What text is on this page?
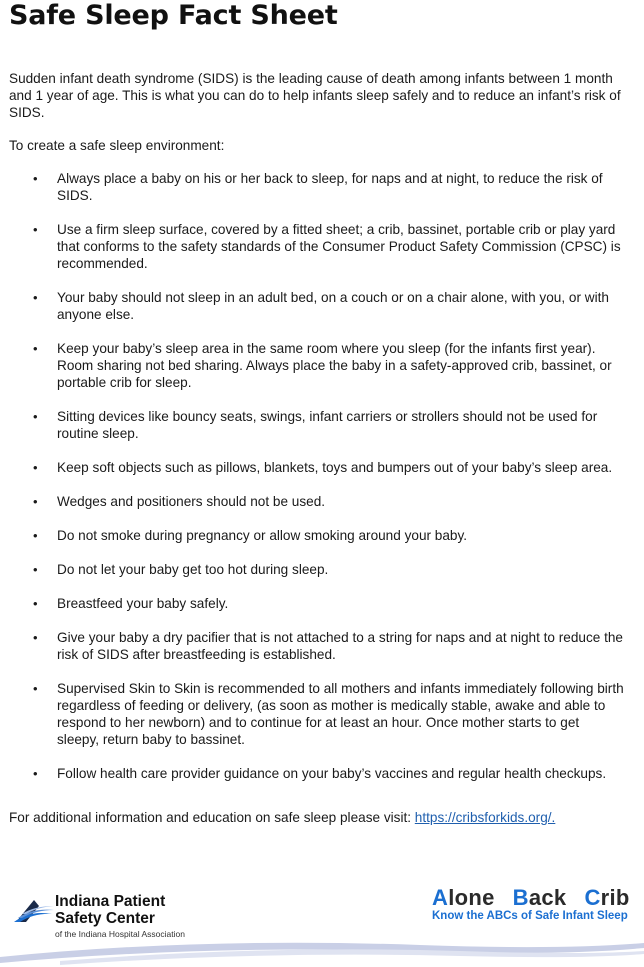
Safe Sleep Fact Sheet

Sudden infant death syndrome (SIDS) is the leading cause of death among infants between 1 month and 1 year of age. This is what you can do to help infants sleep safely and to reduce an infant’s risk of SIDS.

To create a safe sleep environment:

• Always place a baby on his or her back to sleep, for naps and at night, to reduce the risk of SIDS.
• Use a firm sleep surface, covered by a fitted sheet; a crib, bassinet, portable crib or play yard that conforms to the safety standards of the Consumer Product Safety Commission (CPSC) is recommended.
• Your baby should not sleep in an adult bed, on a couch or on a chair alone, with you, or with anyone else.
• Keep your baby’s sleep area in the same room where you sleep (for the infants first year). Room sharing not bed sharing. Always place the baby in a safety-approved crib, bassinet, or portable crib for sleep.
• Sitting devices like bouncy seats, swings, infant carriers or strollers should not be used for routine sleep.
• Keep soft objects such as pillows, blankets, toys and bumpers out of your baby’s sleep area.
• Wedges and positioners should not be used.
• Do not smoke during pregnancy or allow smoking around your baby.
• Do not let your baby get too hot during sleep.
• Breastfeed your baby safely.
• Give your baby a dry pacifier that is not attached to a string for naps and at night to reduce the risk of SIDS after breastfeeding is established.
• Supervised Skin to Skin is recommended to all mothers and infants immediately following birth regardless of feeding or delivery, (as soon as mother is medically stable, awake and able to respond to her newborn) and to continue for at least an hour. Once mother starts to get sleepy, return baby to bassinet.
• Follow health care provider guidance on your baby’s vaccines and regular health checkups.

For additional information and education on safe sleep please visit: https://cribsforkids.org/.

Indiana Patient
Safety Center
of the Indiana Hospital Association
Alone Back Crib
Know the ABCs of Safe Infant Sleep
